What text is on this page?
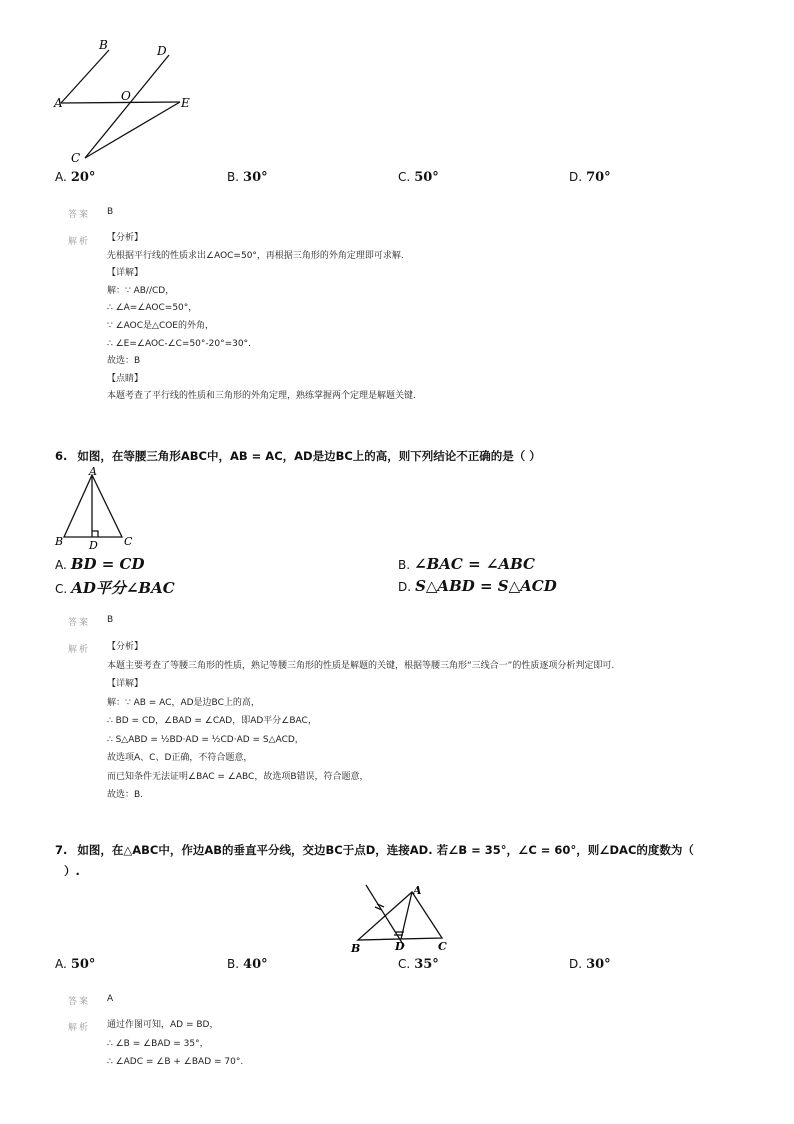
B	D
A	O	E
C
A. 20°	B. 30°	C. 50°	D. 70°
答案 B
解析 【分析】
先根据平行线的性质求出∠AOC=50°，再根据三角形的外角定理即可求解.
【详解】
解：∵ AB//CD，
∴ ∠A=∠AOC=50°，
∵ ∠AOC是△COE的外角，
∴ ∠E=∠AOC-∠C=50°-20°=30°.
故选：B
【点睛】
本题考查了平行线的性质和三角形的外角定理，熟练掌握两个定理是解题关键.
6. 如图，在等腰三角形ABC中，AB = AC，AD是边BC上的高，则下列结论不正确的是（ ）
A
B	C
D
A. BD = CD	B. ∠BAC = ∠ABC
C. AD平分∠BAC	D. S△ABD = S△ACD
答案 B
解析 【分析】
本题主要考查了等腰三角形的性质，熟记等腰三角形的性质是解题的关键，根据等腰三角形“三线合一”的性质逐项分析判定即可.
【详解】
解：∵ AB = AC，AD是边BC上的高，
∴ BD = CD，∠BAD = ∠CAD，即AD平分∠BAC，
∴ S△ABD = ½BD·AD = ½CD·AD = S△ACD，
故选项A、C、D正确，不符合题意，
而已知条件无法证明∠BAC = ∠ABC，故选项B错误，符合题意，
故选：B.
7. 如图，在△ABC中，作边AB的垂直平分线，交边BC于点D，连接AD. 若∠B = 35°，∠C = 60°，则∠DAC的度数为（
）.
A
B	C
D
A. 50°	B. 40°	C. 35°	D. 30°
答案 A
解析 通过作图可知，AD = BD，
∴ ∠B = ∠BAD = 35°，
∴ ∠ADC = ∠B + ∠BAD = 70°.
